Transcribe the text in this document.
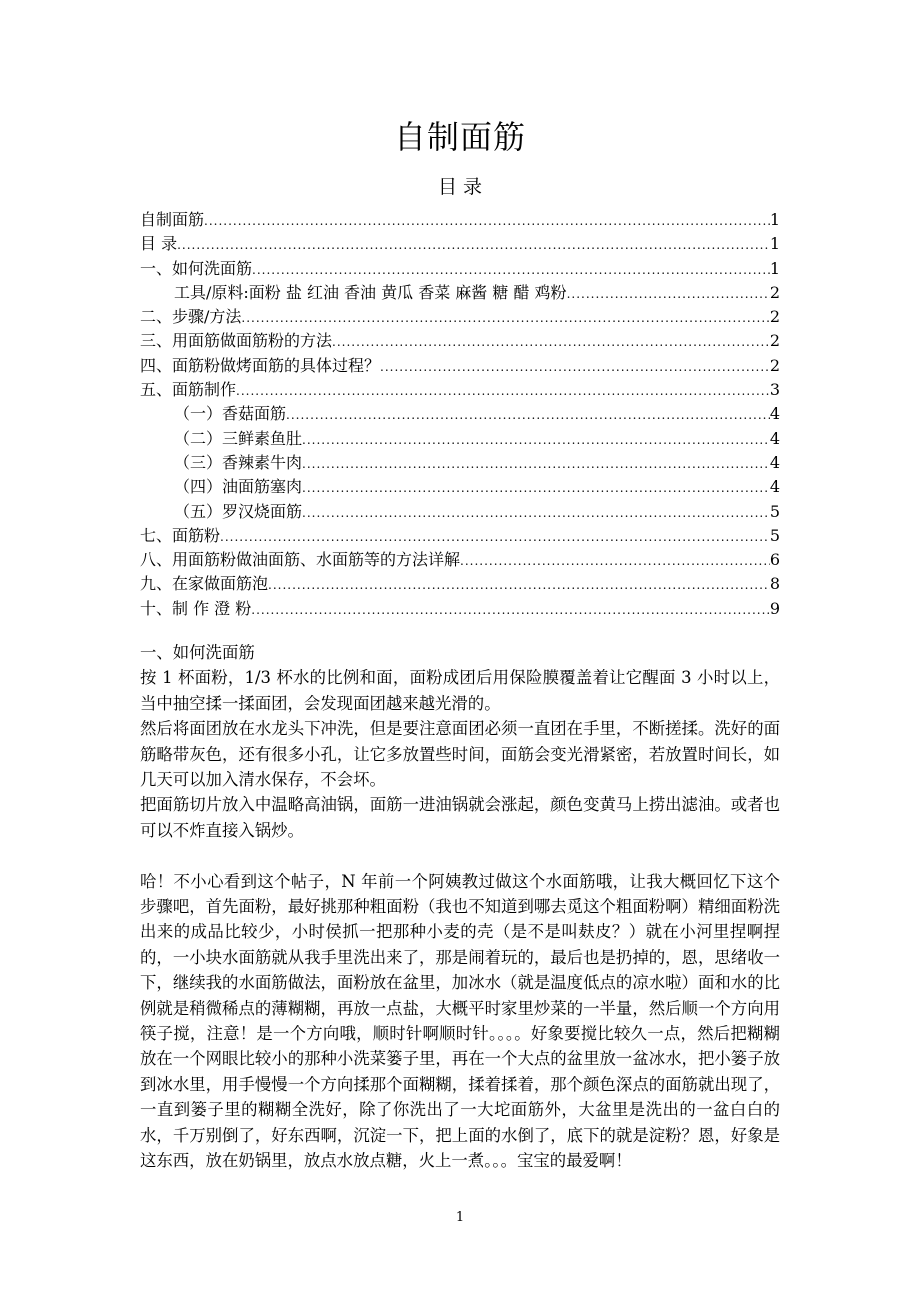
自制面筋
目 录
自制面筋 .....	1
目 录 .....	1
一、如何洗面筋 .....	1
工具/原料:面粉 盐 红油 香油 黄瓜 香菜 麻酱 糖 醋 鸡粉 .....	2
二、步骤/方法 .....	2
三、用面筋做面筋粉的方法 .....	2
四、面筋粉做烤面筋的具体过程？ .....	2
五、面筋制作 .....	3
（一）香菇面筋 .....	4
（二）三鲜素鱼肚 .....	4
（三）香辣素牛肉 .....	4
（四）油面筋塞肉 .....	4
（五）罗汉烧面筋 .....	5
七、面筋粉 .....	5
八、用面筋粉做油面筋、水面筋等的方法详解 .....	6
九、在家做面筋泡 .....	8
十、制 作 澄 粉 .....	9

一、如何洗面筋

按 1 杯面粉，1/3 杯水的比例和面，面粉成团后用保险膜覆盖着让它醒面 3 小时以上，当中抽空揉一揉面团，会发现面团越来越光滑的。

然后将面团放在水龙头下冲洗，但是要注意面团必须一直团在手里，不断搓揉。洗好的面筋略带灰色，还有很多小孔，让它多放置些时间，面筋会变光滑紧密，若放置时间长，如几天可以加入清水保存，不会坏。

把面筋切片放入中温略高油锅，面筋一进油锅就会涨起，颜色变黄马上捞出滤油。或者也可以不炸直接入锅炒。

哈！不小心看到这个帖子，N 年前一个阿姨教过做这个水面筋哦，让我大概回忆下这个步骤吧，首先面粉，最好挑那种粗面粉（我也不知道到哪去觅这个粗面粉啊）精细面粉洗出来的成品比较少，小时侯抓一把那种小麦的壳（是不是叫麸皮？）就在小河里捏啊捏的，一小块水面筋就从我手里洗出来了，那是闹着玩的，最后也是扔掉的，恩，思绪收一下，继续我的水面筋做法，面粉放在盆里，加冰水（就是温度低点的凉水啦）面和水的比例就是稍微稀点的薄糊糊，再放一点盐，大概平时家里炒菜的一半量，然后顺一个方向用筷子搅，注意！是一个方向哦，顺时针啊顺时针。。。。好象要搅比较久一点，然后把糊糊放在一个网眼比较小的那种小洗菜篓子里，再在一个大点的盆里放一盆冰水，把小篓子放到冰水里，用手慢慢一个方向揉那个面糊糊，揉着揉着，那个颜色深点的面筋就出现了，一直到篓子里的糊糊全洗好，除了你洗出了一大坨面筋外，大盆里是洗出的一盆白白的水，千万别倒了，好东西啊，沉淀一下，把上面的水倒了，底下的就是淀粉？恩，好象是这东西，放在奶锅里，放点水放点糖，火上一煮。。。宝宝的最爱啊！

1
